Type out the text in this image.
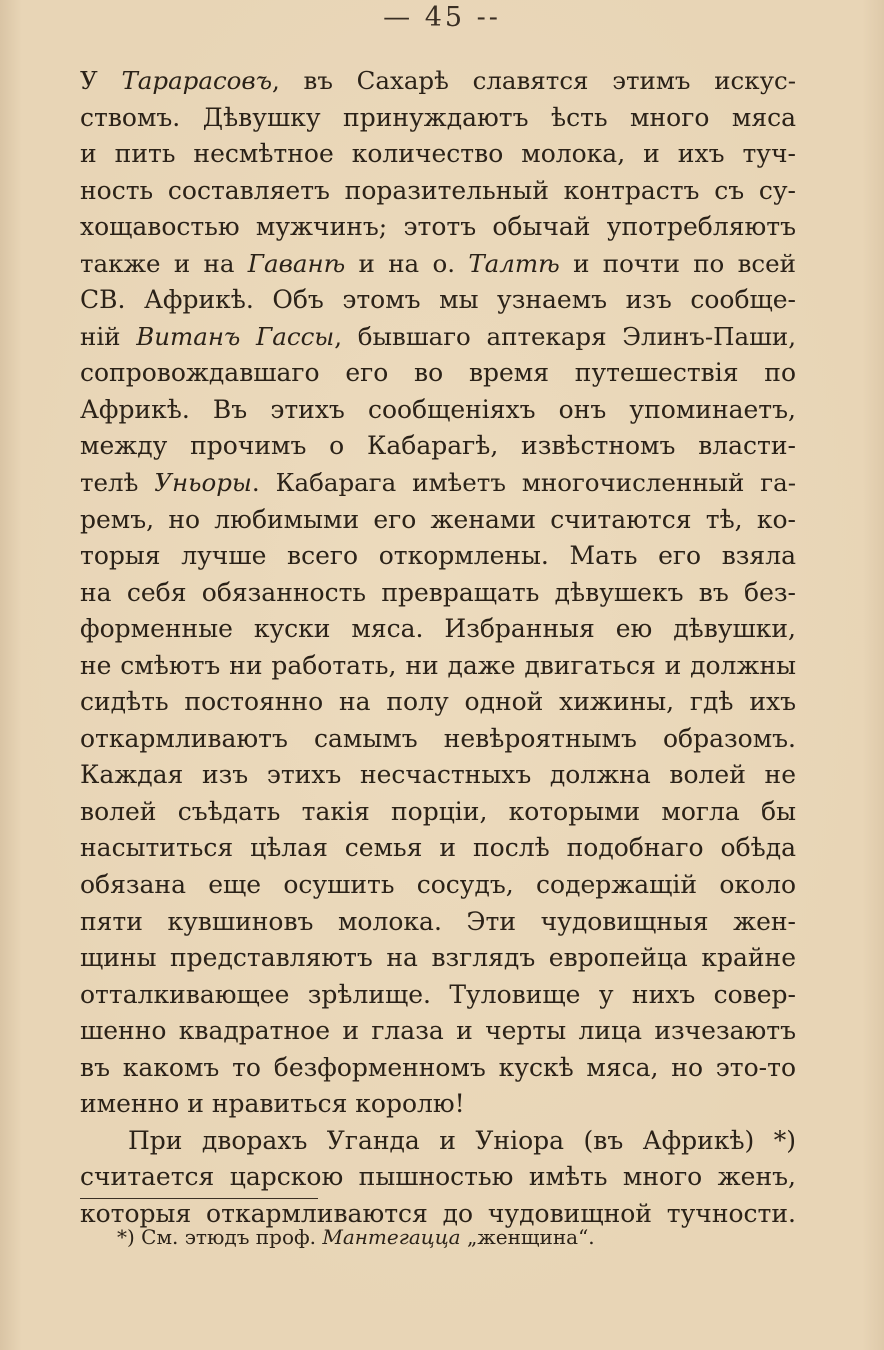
— 45 --
У Тарарасовъ, въ Сахарѣ славятся этимъ искус-
ствомъ. Дѣвушку принуждаютъ ѣсть много мяса
и пить несмѣтное количество молока, и ихъ туч-
ность составляетъ поразительный контрастъ съ су-
хощавостью мужчинъ; этотъ обычай употребляютъ
также и на Гаванѣ и на о. Талтѣ и почти по всей
СВ. Африкѣ. Объ этомъ мы узнаемъ изъ сообще-
ній Витанъ Гассы, бывшаго аптекаря Элинъ-Паши,
сопровождавшаго его во время путешествія по
Африкѣ. Въ этихъ сообщеніяхъ онъ упоминаетъ,
между прочимъ о Кабарагѣ, извѣстномъ власти-
телѣ Уньоры. Кабарага имѣетъ многочисленный га-
ремъ, но любимыми его женами считаются тѣ, ко-
торыя лучше всего откормлены. Мать его взяла
на себя обязанность превращать дѣвушекъ въ без-
форменные куски мяса. Избранныя ею дѣвушки,
не смѣютъ ни работать, ни даже двигаться и должны
сидѣть постоянно на полу одной хижины, гдѣ ихъ
откармливаютъ самымъ невѣроятнымъ образомъ.
Каждая изъ этихъ несчастныхъ должна волей не
волей съѣдать такія порціи, которыми могла бы
насытиться цѣлая семья и послѣ подобнаго обѣда
обязана еще осушить сосудъ, содержащій около
пяти кувшиновъ молока. Эти чудовищныя жен-
щины представляютъ на взглядъ европейца крайне
отталкивающее зрѣлище. Туловище у нихъ совер-
шенно квадратное и глаза и черты лица изчезаютъ
въ какомъ то безформенномъ кускѣ мяса, но это-то
именно и нравиться королю!
При дворахъ Уганда и Уніора (въ Африкѣ) *)
считается царскою пышностью имѣть много женъ,
которыя откармливаются до чудовищной тучности.
*) См. этюдъ проф. Мантегацца „женщина“.
